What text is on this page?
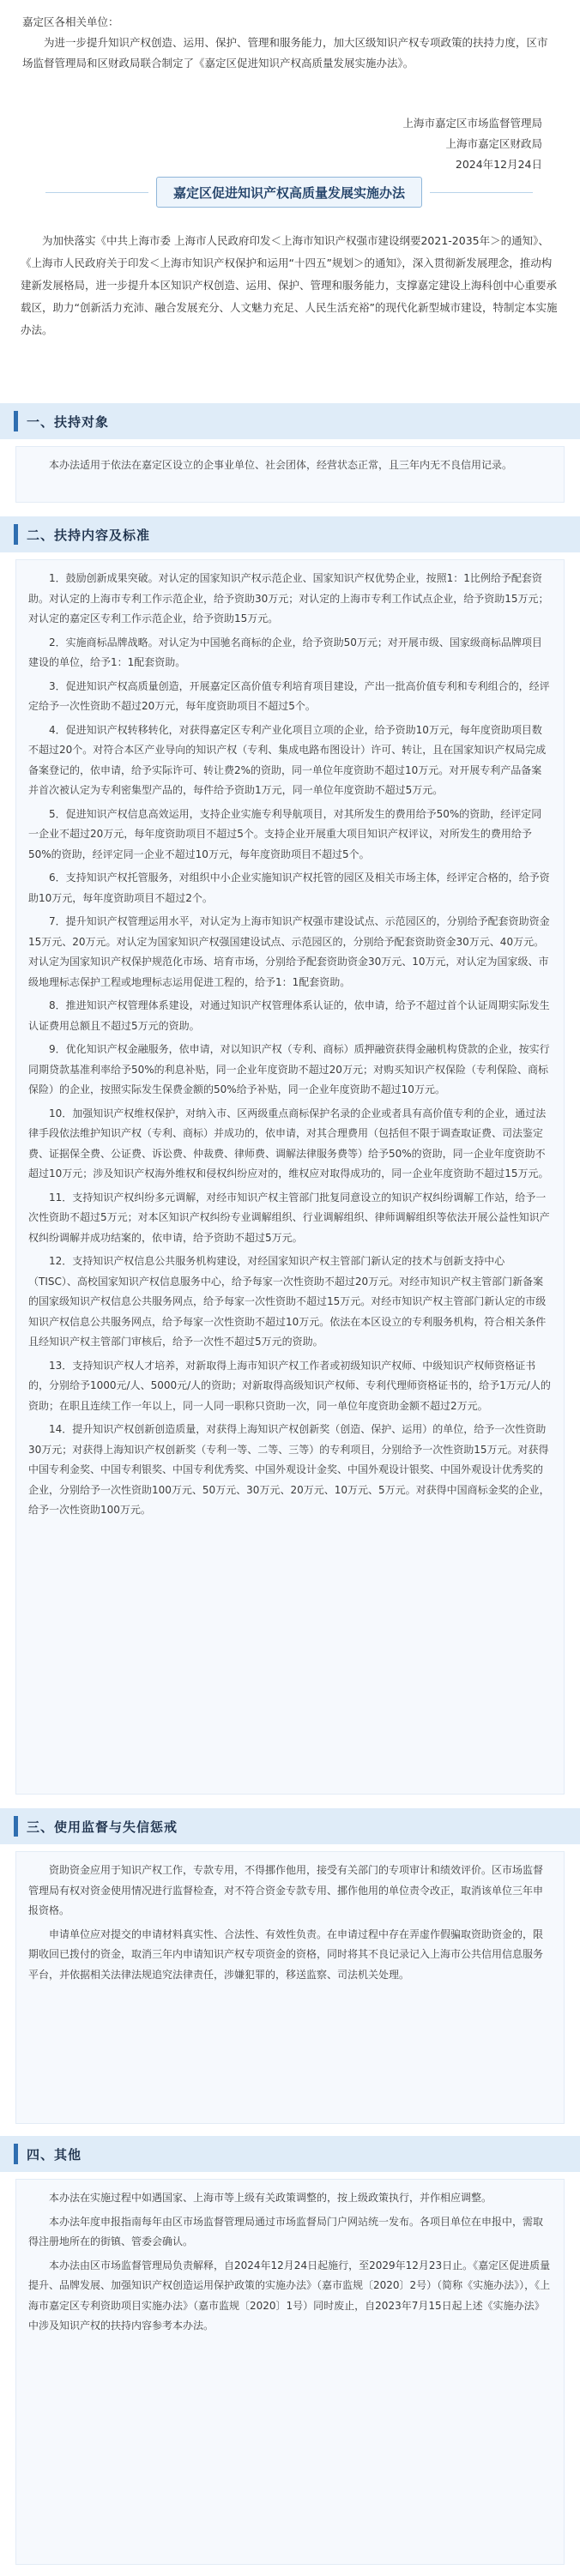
嘉定区各相关单位：

为进一步提升知识产权创造、运用、保护、管理和服务能力，加大区级知识产权专项政策的扶持力度，区市场监督管理局和区财政局联合制定了《嘉定区促进知识产权高质量发展实施办法》。

上海市嘉定区市场监督管理局

上海市嘉定区财政局

2024年12月24日

嘉定区促进知识产权高质量发展实施办法

为加快落实《中共上海市委 上海市人民政府印发＜上海市知识产权强市建设纲要2021-2035年＞的通知》、《上海市人民政府关于印发＜上海市知识产权保护和运用“十四五”规划＞的通知》，深入贯彻新发展理念，推动构建新发展格局，进一步提升本区知识产权创造、运用、保护、管理和服务能力，支撑嘉定建设上海科创中心重要承载区，助力“创新活力充沛、融合发展充分、人文魅力充足、人民生活充裕”的现代化新型城市建设，特制定本实施办法。

一、扶持对象

本办法适用于依法在嘉定区设立的企事业单位、社会团体，经营状态正常，且三年内无不良信用记录。

二、扶持内容及标准

1．鼓励创新成果突破。对认定的国家知识产权示范企业、国家知识产权优势企业，按照1：1比例给予配套资助。对认定的上海市专利工作示范企业，给予资助30万元；对认定的上海市专利工作试点企业，给予资助15万元；对认定的嘉定区专利工作示范企业，给予资助15万元。

2．实施商标品牌战略。对认定为中国驰名商标的企业，给予资助50万元；对开展市级、国家级商标品牌项目建设的单位，给予1：1配套资助。

3．促进知识产权高质量创造，开展嘉定区高价值专利培育项目建设，产出一批高价值专利和专利组合的，经评定给予一次性资助不超过20万元，每年度资助项目不超过5个。

4．促进知识产权转移转化，对获得嘉定区专利产业化项目立项的企业，给予资助10万元，每年度资助项目数不超过20个。对符合本区产业导向的知识产权（专利、集成电路布图设计）许可、转让，且在国家知识产权局完成备案登记的，依申请，给予实际许可、转让费2%的资助，同一单位年度资助不超过10万元。对开展专利产品备案并首次被认定为专利密集型产品的，每件给予资助1万元，同一单位年度资助不超过5万元。

5．促进知识产权信息高效运用，支持企业实施专利导航项目，对其所发生的费用给予50%的资助，经评定同一企业不超过20万元，每年度资助项目不超过5个。支持企业开展重大项目知识产权评议，对所发生的费用给予50%的资助，经评定同一企业不超过10万元，每年度资助项目不超过5个。

6．支持知识产权托管服务，对组织中小企业实施知识产权托管的园区及相关市场主体，经评定合格的，给予资助10万元，每年度资助项目不超过2个。

7．提升知识产权管理运用水平，对认定为上海市知识产权强市建设试点、示范园区的，分别给予配套资助资金15万元、20万元。对认定为国家知识产权强国建设试点、示范园区的，分别给予配套资助资金30万元、40万元。对认定为国家知识产权保护规范化市场、培育市场，分别给予配套资助资金30万元、10万元，对认定为国家级、市级地理标志保护工程或地理标志运用促进工程的，给予1：1配套资助。

8．推进知识产权管理体系建设，对通过知识产权管理体系认证的，依申请，给予不超过首个认证周期实际发生认证费用总额且不超过5万元的资助。

9．优化知识产权金融服务，依申请，对以知识产权（专利、商标）质押融资获得金融机构贷款的企业，按实行同期贷款基准利率给予50%的利息补贴，同一企业年度资助不超过20万元；对购买知识产权保险（专利保险、商标保险）的企业，按照实际发生保费金额的50%给予补贴，同一企业年度资助不超过10万元。

10．加强知识产权维权保护，对纳入市、区两级重点商标保护名录的企业或者具有高价值专利的企业，通过法律手段依法维护知识产权（专利、商标）并成功的，依申请，对其合理费用（包括但不限于调查取证费、司法鉴定费、证据保全费、公证费、诉讼费、仲裁费、律师费、调解法律服务费等）给予50%的资助，同一企业年度资助不超过10万元；涉及知识产权海外维权和侵权纠纷应对的，维权应对取得成功的，同一企业年度资助不超过15万元。

11．支持知识产权纠纷多元调解，对经市知识产权主管部门批复同意设立的知识产权纠纷调解工作站，给予一次性资助不超过5万元；对本区知识产权纠纷专业调解组织、行业调解组织、律师调解组织等依法开展公益性知识产权纠纷调解并成功结案的，依申请，给予资助不超过5万元。

12．支持知识产权信息公共服务机构建设，对经国家知识产权主管部门新认定的技术与创新支持中心（TISC）、高校国家知识产权信息服务中心，给予每家一次性资助不超过20万元。对经市知识产权主管部门新备案的国家级知识产权信息公共服务网点，给予每家一次性资助不超过15万元。对经市知识产权主管部门新认定的市级知识产权信息公共服务网点，给予每家一次性资助不超过10万元。依法在本区设立的专利服务机构，符合相关条件且经知识产权主管部门审核后，给予一次性不超过5万元的资助。

13．支持知识产权人才培养，对新取得上海市知识产权工作者或初级知识产权师、中级知识产权师资格证书的，分别给予1000元/人、5000元/人的资助；对新取得高级知识产权师、专利代理师资格证书的，给予1万元/人的资助；在职且连续工作一年以上，同一人同一职称只资助一次，同一单位年度资助金额不超过2万元。

14．提升知识产权创新创造质量，对获得上海知识产权创新奖（创造、保护、运用）的单位，给予一次性资助30万元；对获得上海知识产权创新奖（专利一等、二等、三等）的专利项目，分别给予一次性资助15万元。对获得中国专利金奖、中国专利银奖、中国专利优秀奖、中国外观设计金奖、中国外观设计银奖、中国外观设计优秀奖的企业，分别给予一次性资助100万元、50万元、30万元、20万元、10万元、5万元。对获得中国商标金奖的企业，给予一次性资助100万元。

三、使用监督与失信惩戒

资助资金应用于知识产权工作，专款专用，不得挪作他用，接受有关部门的专项审计和绩效评价。区市场监督管理局有权对资金使用情况进行监督检查，对不符合资金专款专用、挪作他用的单位责令改正，取消该单位三年申报资格。

申请单位应对提交的申请材料真实性、合法性、有效性负责。在申请过程中存在弄虚作假骗取资助资金的，限期收回已拨付的资金，取消三年内申请知识产权专项资金的资格，同时将其不良记录记入上海市公共信用信息服务平台，并依据相关法律法规追究法律责任，涉嫌犯罪的，移送监察、司法机关处理。

四、其他

本办法在实施过程中如遇国家、上海市等上级有关政策调整的，按上级政策执行，并作相应调整。

本办法年度申报指南每年由区市场监督管理局通过市场监督局门户网站统一发布。各项目单位在申报中，需取得注册地所在的街镇、管委会确认。

本办法由区市场监督管理局负责解释，自2024年12月24日起施行，至2029年12月23日止。《嘉定区促进质量提升、品牌发展、加强知识产权创造运用保护政策的实施办法》（嘉市监规〔2020〕2号）（简称《实施办法》），《上海市嘉定区专利资助项目实施办法》（嘉市监规〔2020〕1号）同时废止，自2023年7月15日起上述《实施办法》中涉及知识产权的扶持内容参考本办法。
